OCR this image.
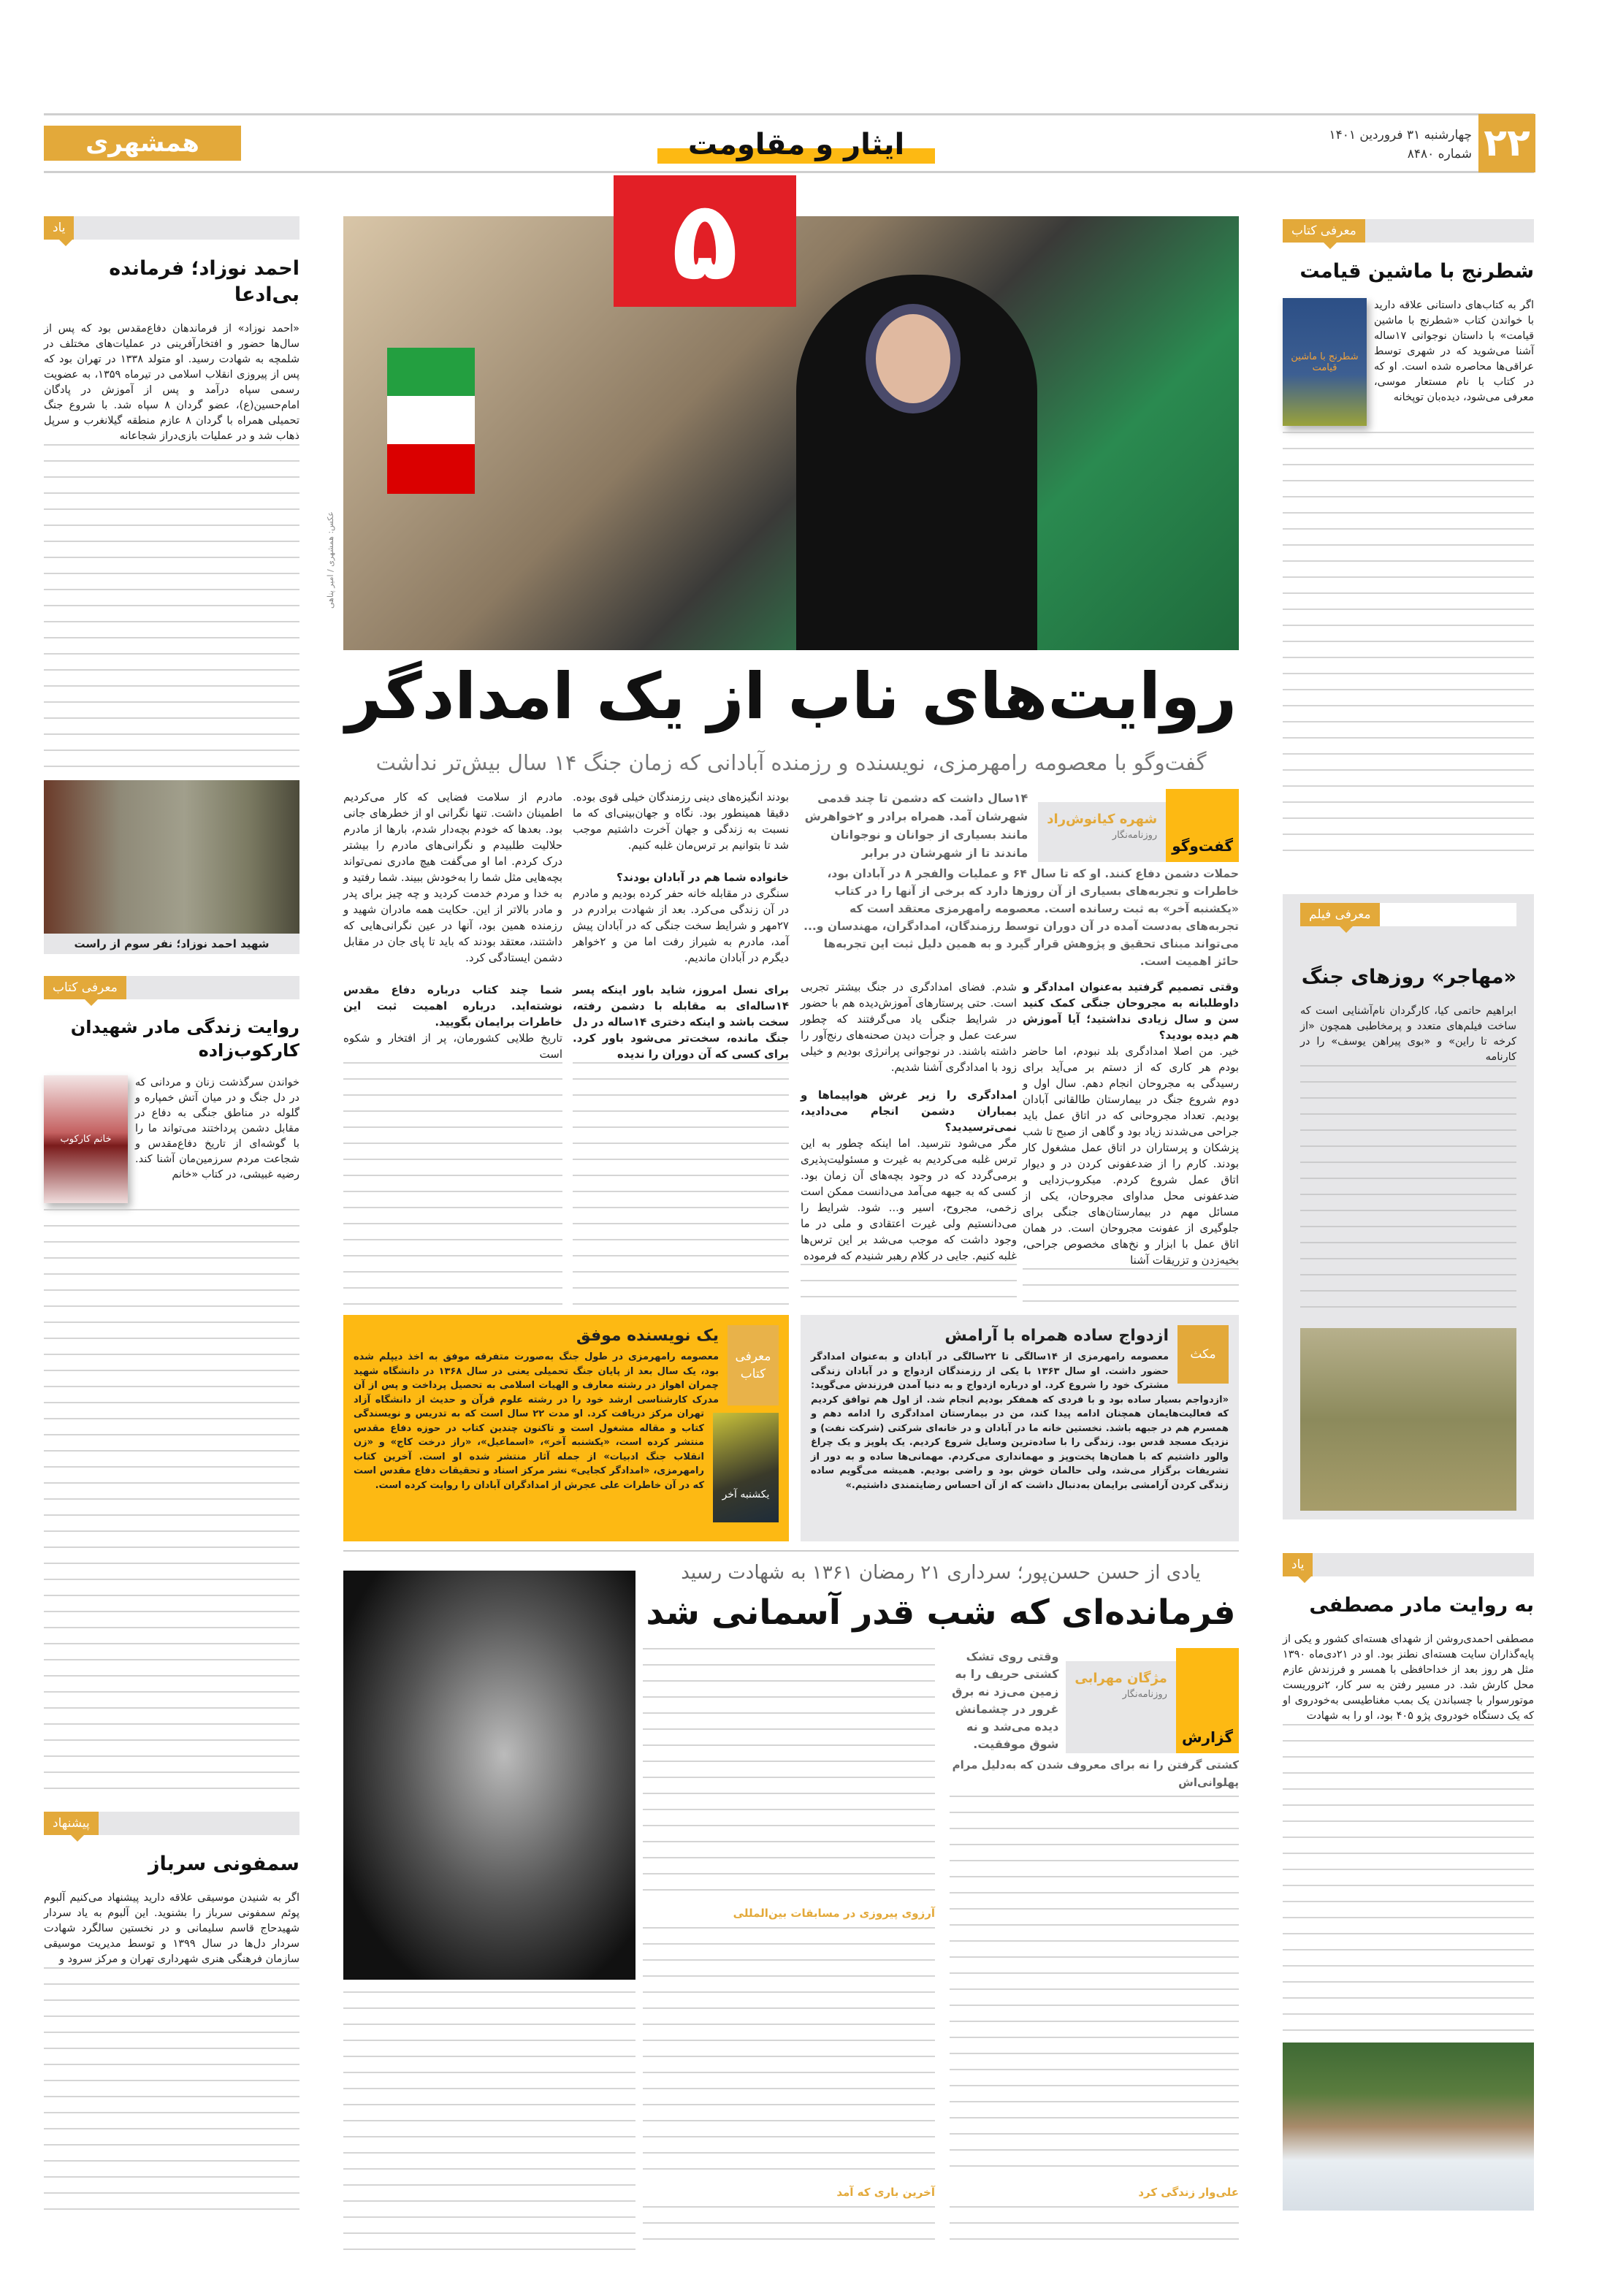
۲۲
چهارشنبه ۳۱ فروردین ۱۴۰۱
شماره ۸۴۸۰
همشهری	ایثار و مقاومت
۵
عکس: همشهری / امیر پناهی
روایت‌های ناب از یک امدادگر
گفت‌وگو با معصومه رامهرمزی، نویسنده و رزمنده آبادانی که زمان جنگ ۱۴ سال بیش‌تر نداشت
گفت‌وگو
شهره کیانوش‌راد
روزنامه‌نگار
۱۴سال داشت که دشمن تا چند قدمی شهرشان آمد. همراه برادر و ۲خواهرش مانند بسیاری از جوانان و نوجوانان ماندند تا از شهرشان در برابر
حملات دشمن دفاع کنند. او که تا سال ۶۴ و عملیات والفجر ۸ در آبادان بود، خاطرات و تجربه‌های بسیاری از آن روزها دارد که برخی از آنها را در کتاب «یکشنبه آخر» به ثبت رسانده است. معصومه رامهرمزی معتقد است که تجربه‌های به‌دست آمده در آن دوران توسط رزمندگان، امدادگران، مهندسان و... می‌تواند مبنای تحقیق و پژوهش قرار گیرد و به همین دلیل ثبت این تجربه‌ها حائز اهمیت است.

وقتی تصمیم گرفتید به‌عنوان امدادگر و داوطلبانه به مجروحان جنگی کمک کنید سن و سال زیادی نداشتید؛ آیا آموزش هم دیده بودید؟

خیر. من اصلا امدادگری بلد نبودم، اما حاضر بودم هر کاری که از دستم بر می‌آید برای رسیدگی به مجروحان انجام دهم. سال اول و دوم شروع جنگ در بیمارستان طالقانی آبادان بودیم. تعداد مجروحانی که در اتاق عمل باید جراحی می‌شدند زیاد بود و گاهی از صبح تا شب پزشکان و پرستاران در اتاق عمل مشغول کار بودند. کارم را از ضدعفونی کردن در و دیوار اتاق عمل شروع کردم. میکروب‌زدایی و ضدعفونی محل مداوای مجروحان، یکی از مسائل مهم در بیمارستان‌های جنگی برای جلوگیری از عفونت مجروحان است. در همان اتاق عمل با ابزار و نخ‌های مخصوص جراحی، بخیه‌زدن و تزریقات آشنا

شدم. فضای امدادگری در جنگ بیشتر تجربی است. حتی پرستارهای آموزش‌دیده هم با حضور در شرایط جنگی یاد می‌گرفتند که چطور سرعت عمل و جرأت دیدن صحنه‌های رنج‌آور را داشته باشند. در نوجوانی پرانرژی بودیم و خیلی زود با امدادگری آشنا شدیم.

امدادگری را زیر غرش هواپیماها و بمباران دشمن انجام می‌دادید، نمی‌ترسیدید؟

مگر می‌شود نترسید. اما اینکه چطور به این ترس غلبه می‌کردیم به غیرت و مسئولیت‌پذیری برمی‌گردد که در وجود بچه‌های آن زمان بود. کسی که به جبهه می‌آمد می‌دانست ممکن است زخمی، مجروح، اسیر و... شود. شرایط را می‌دانستیم ولی غیرت اعتقادی و ملی در ما وجود داشت که موجب می‌شد بر این ترس‌ها غلبه کنیم. جایی در کلام رهبر شنیدم که فرموده

بودند انگیزه‌های دینی رزمندگان خیلی قوی بوده. دقیقا همینطور بود. نگاه و جهان‌بینی‌ای که ما نسبت به زندگی و جهان آخرت داشتیم موجب شد تا بتوانیم بر ترس‌مان غلبه کنیم.

خانواده شما هم در آبادان بودند؟

سنگری در مقابله خانه حفر کرده بودیم و مادرم در آن زندگی می‌کرد. بعد از شهادت برادرم در ۲۷مهر و شرایط سخت جنگی که در آبادان پیش آمد، مادرم به شیراز رفت اما من و ۲خواهر دیگرم در آبادان ماندیم.

برای نسل امروز، شاید باور اینکه پسر ۱۴ساله‌ای به مقابله با دشمن رفته، سخت باشد و اینکه دختری ۱۴ساله در دل جنگ مانده، سخت‌تر می‌شود باور کرد. برای کسی که آن دوران را ندیده

مادرم از سلامت فضایی که کار می‌کردیم اطمینان داشت. تنها نگرانی او از خطرهای جانی بود. بعدها که خودم بچه‌دار شدم، بارها از مادرم حلالیت طلبیدم و نگرانی‌های مادرم را بیشتر درک کردم. اما او می‌گفت هیچ مادری نمی‌تواند بچه‌هایی مثل شما را به‌خودش ببیند. شما رفتید و به خدا و مردم خدمت کردید و چه چیز برای پدر و مادر بالاتر از این. حکایت همه مادران شهید و رزمنده همین بود، آنها در عین نگرانی‌هایی که داشتند، معتقد بودند که باید تا پای جان در مقابل دشمن ایستادگی کرد.

شما چند کتاب درباره دفاع مقدس نوشته‌اید. درباره اهمیت ثبت این خاطرات برایمان بگویید.

تاریخ طلایی کشورمان، پر از افتخار و شکوه است

معرفی کتاب
یک نویسنده موفق
یکشنبه آخر
معصومه رامهرمزی در طول جنگ به‌صورت متفرقه موفق به اخذ دیپلم شده بود، یک سال بعد از پایان جنگ تحمیلی یعنی در سال ۱۳۶۸ در دانشگاه شهید چمران اهواز در رشته معارف و الهیات اسلامی به تحصیل پرداخت و پس از آن مدرک کارشناسی ارشد خود را در رشته علوم قرآن و حدیث از دانشگاه آزاد تهران مرکز دریافت کرد. او مدت ۲۲ سال است که به تدریس و نویسندگی کتاب و مقاله مشغول است و تاکنون چندین کتاب در حوزه دفاع مقدس منتشر کرده است، «یکشنبه آخر»، «اسماعیل»، «راز درخت کاج» و «زن انقلاب جنگ ادبیات» از جمله آثار منتشر شده او است. آخرین کتاب رامهرمزی، «امدادگر کجایی» نشر مرکز اسناد و تحقیقات دفاع مقدس است که در آن خاطرات علی عجرش از امدادگران آبادان را روایت کرده است.
مکث
ازدواج ساده همراه با آرامش
معصومه رامهرمزی از ۱۴سالگی تا ۲۲سالگی در آبادان و به‌عنوان امدادگر حضور داشت. او سال ۱۳۶۳ با یکی از رزمندگان ازدواج و در آبادان زندگی مشترک خود را شروع کرد. او درباره ازدواج و به دنیا آمدن فرزندش می‌گوید: «ازدواجم بسیار ساده بود و با فردی که همفکر بودیم انجام شد. از اول هم توافق کردیم که فعالیت‌هایمان همچنان ادامه پیدا کند، من در بیمارستان امدادگری را ادامه دهم و همسرم هم در جبهه باشد. نخستین خانه ما در آبادان و در خانه‌ای شرکتی (شرکت نفت) و نزدیک مسجد قدس بود. زندگی را با ساده‌ترین وسایل شروع کردیم. یک پلوپز و یک چراغ والور داشتیم که با همان‌ها پخت‌وپز و مهمانداری می‌کردم. مهمانی‌ها ساده و به دور از تشریفات برگزار می‌شد، ولی حالمان خوش بود و راضی بودیم. همیشه می‌گویم ساده زندگی کردن آرامشی برایمان به‌دنبال داشت که از آن احساس رضایتمندی داشتیم.»
یادی از حسن حسن‌پور؛ سرداری ۲۱ رمضان ۱۳۶۱ به شهادت رسید
فرمانده‌ای که شب قدر آسمانی شد
گزارش
مژگان مهرابی
روزنامه‌نگار
وقتی روی تشک کشتی حریف را به زمین می‌زد نه برق غرور در چشمانش دیده می‌شد و نه شوق موفقیت.
کشتی گرفتن را نه برای معروف شدن که به‌دلیل مرام پهلوانی‌اش
علی‌وار زندگی کرد
آرزوی پیروزی در مسابقات بین‌المللی
آخرین باری که آمد
یاد
احمد نوزاد؛ فرمانده بی‌ادعا
«احمد نوزاد» از فرماندهان دفاع‌مقدس بود که پس از سال‌ها حضور و افتخارآفرینی در عملیات‌های مختلف در شلمچه به شهادت رسید. او متولد ۱۳۳۸ در تهران بود که پس از پیروزی انقلاب اسلامی در تیرماه ۱۳۵۹، به عضویت رسمی سپاه درآمد و پس از آموزش در پادگان امام‌حسین(ع)، عضو گردان ۸ سپاه شد. با شروع جنگ تحمیلی همراه با گردان ۸ عازم منطقه گیلانغرب و سرپل ذهاب شد و در عملیات بازی‌دراز شجاعانه
شهید احمد نوزاد؛ نفر سوم از راست
معرفی کتاب
روایت زندگی مادر شهیدان کارکوب‌زاده
خانم کارکوب
خواندن سرگذشت زنان و مردانی که در دل جنگ و در میان آتش خمپاره و گلوله در مناطق جنگی به دفاع در مقابل دشمن پرداختند می‌تواند ما را با گوشه‌ای از تاریخ دفاع‌مقدس و شجاعت مردم سرزمین‌مان آشنا کند. رضیه غبیشی، در کتاب «خانم
پیشنهاد
سمفونی سرباز
اگر به شنیدن موسیقی علاقه دارید پیشنهاد می‌کنیم آلبوم پوئم سمفونی سرباز را بشنوید. این آلبوم به یاد سردار شهیدحاج قاسم سلیمانی و در نخستین سالگرد شهادت سردار دل‌ها در سال ۱۳۹۹ و توسط مدیریت موسیقی سازمان فرهنگی هنری شهرداری تهران و مرکز سرود و
معرفی کتاب
شطرنج با ماشین قیامت
شطرنج با ماشین قیامت
اگر به کتاب‌های داستانی علاقه دارید با خواندن کتاب «شطرنج با ماشین قیامت» با داستان نوجوانی ۱۷ساله آشنا می‌شوید که در شهری توسط عراقی‌ها محاصره شده است. او که در کتاب با نام مستعار موسی، معرفی می‌شود، دیده‌بان توپخانه
معرفی فیلم
«مهاجر» روزهای جنگ
ابراهیم حاتمی کیا، کارگردان نام‌آشنایی است که ساخت فیلم‌های متعدد و پرمخاطبی همچون «از کرخه تا راین» و «بوی پیراهن یوسف» را در کارنامه
یاد
به روایت مادر مصطفی
مصطفی احمدی‌روشن از شهدای هسته‌ای کشور و یکی از پایه‌گذاران سایت هسته‌ای نطنز بود. او در ۲۱دی‌ماه ۱۳۹۰ مثل هر روز بعد از خداحافظی با همسر و فرزندش عازم محل کارش شد. در مسیر رفتن به سر کار، ۲تروریست موتورسوار با چسباندن یک بمب مغناطیسی به‌خودروی او که یک دستگاه خودروی پژو ۴۰۵ بود، او را به شهادت
